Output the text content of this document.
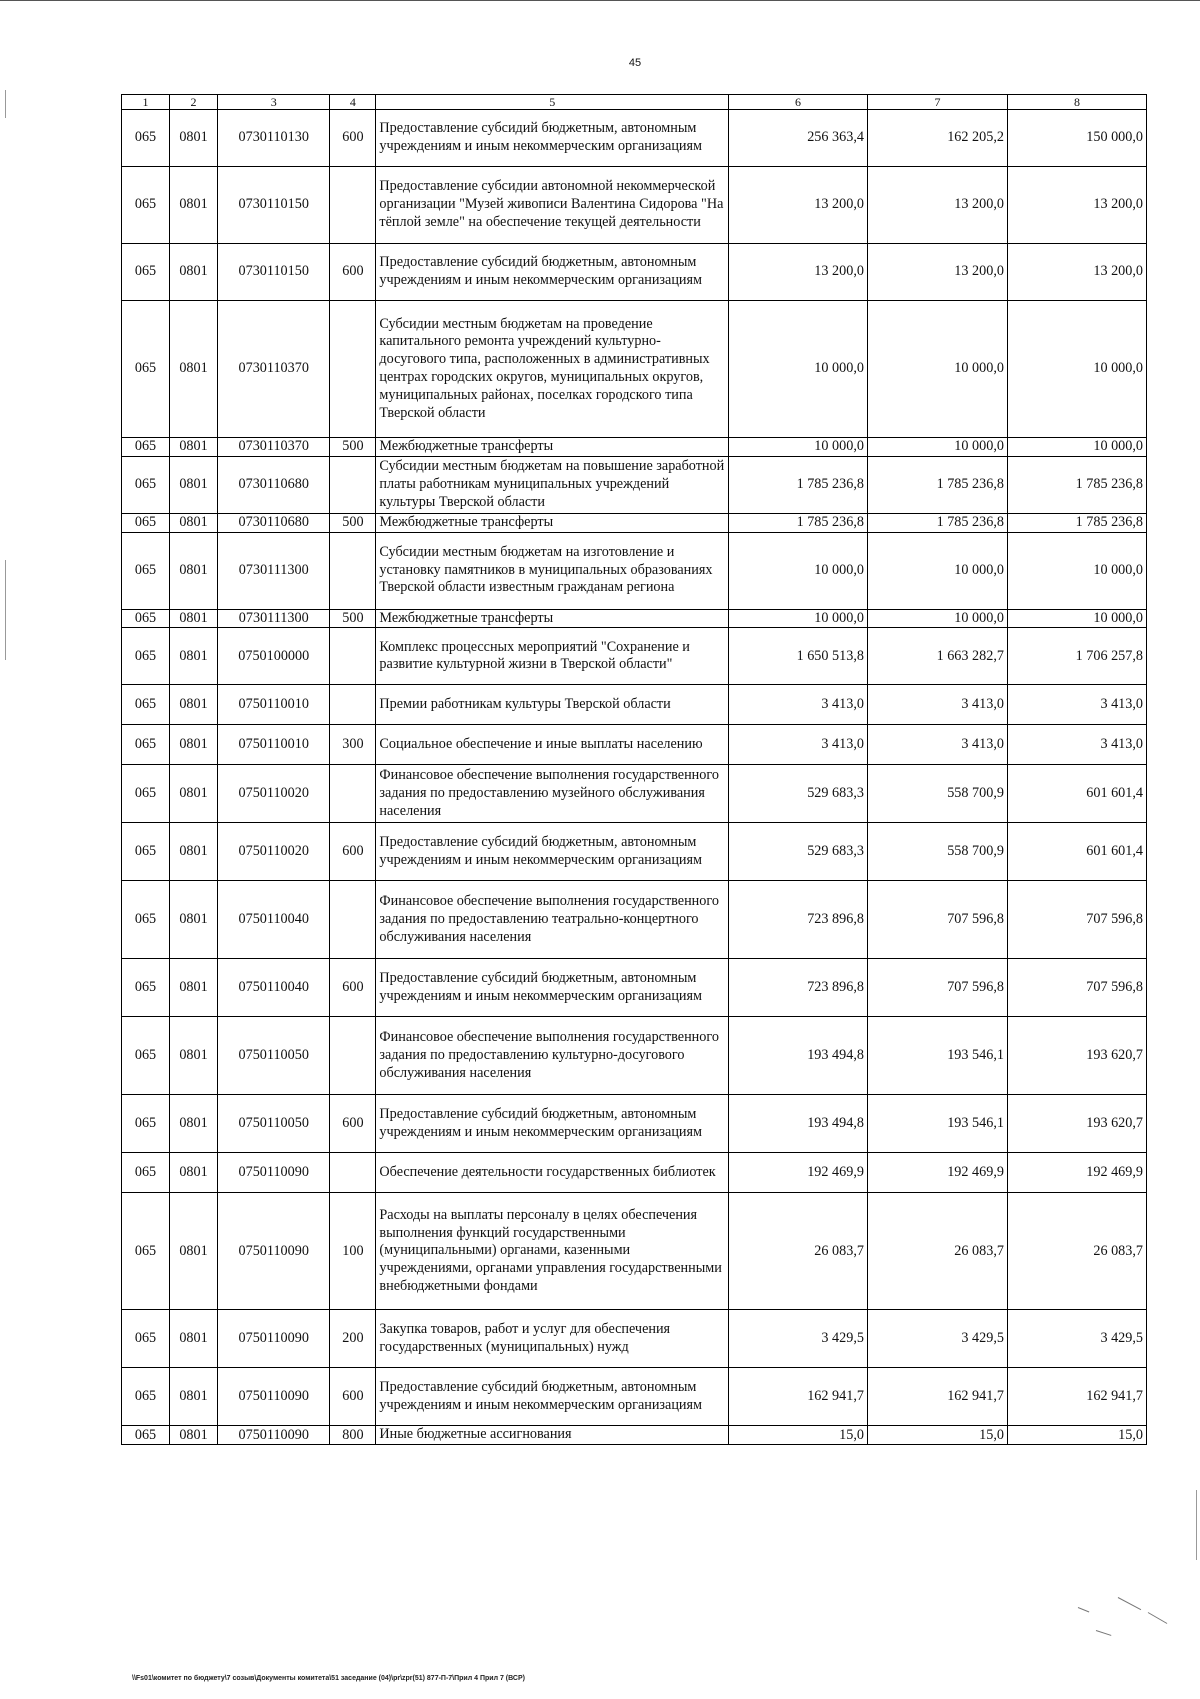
45
1	2	3	4	5	6	7	8
065	0801	0730110130	600	Предоставление субсидий бюджетным, автономным учреждениям и иным некоммерческим организациям	256 363,4	162 205,2	150 000,0
065	0801	0730110150		Предоставление субсидии автономной некоммерческой организации "Музей живописи Валентина Сидорова "На тёплой земле" на обеспечение текущей деятельности	13 200,0	13 200,0	13 200,0
065	0801	0730110150	600	Предоставление субсидий бюджетным, автономным учреждениям и иным некоммерческим организациям	13 200,0	13 200,0	13 200,0
065	0801	0730110370		Субсидии местным бюджетам на проведение капитального ремонта учреждений культурно-досугового типа, расположенных в административных центрах городских округов, муниципальных округов, муниципальных районах, поселках городского типа Тверской области	10 000,0	10 000,0	10 000,0
065	0801	0730110370	500	Межбюджетные трансферты	10 000,0	10 000,0	10 000,0
065	0801	0730110680		Субсидии местным бюджетам на повышение заработной платы работникам муниципальных учреждений культуры Тверской области	1 785 236,8	1 785 236,8	1 785 236,8
065	0801	0730110680	500	Межбюджетные трансферты	1 785 236,8	1 785 236,8	1 785 236,8
065	0801	0730111300		Субсидии местным бюджетам на изготовление и установку памятников в муниципальных образованиях Тверской области известным гражданам региона	10 000,0	10 000,0	10 000,0
065	0801	0730111300	500	Межбюджетные трансферты	10 000,0	10 000,0	10 000,0
065	0801	0750100000		Комплекс процессных мероприятий "Сохранение и развитие культурной жизни в Тверской области"	1 650 513,8	1 663 282,7	1 706 257,8
065	0801	0750110010		Премии работникам культуры Тверской области	3 413,0	3 413,0	3 413,0
065	0801	0750110010	300	Социальное обеспечение и иные выплаты населению	3 413,0	3 413,0	3 413,0
065	0801	0750110020		Финансовое обеспечение выполнения государственного задания по предоставлению музейного обслуживания населения	529 683,3	558 700,9	601 601,4
065	0801	0750110020	600	Предоставление субсидий бюджетным, автономным учреждениям и иным некоммерческим организациям	529 683,3	558 700,9	601 601,4
065	0801	0750110040		Финансовое обеспечение выполнения государственного задания по предоставлению театрально-концертного обслуживания населения	723 896,8	707 596,8	707 596,8
065	0801	0750110040	600	Предоставление субсидий бюджетным, автономным учреждениям и иным некоммерческим организациям	723 896,8	707 596,8	707 596,8
065	0801	0750110050		Финансовое обеспечение выполнения государственного задания по предоставлению культурно-досугового обслуживания населения	193 494,8	193 546,1	193 620,7
065	0801	0750110050	600	Предоставление субсидий бюджетным, автономным учреждениям и иным некоммерческим организациям	193 494,8	193 546,1	193 620,7
065	0801	0750110090		Обеспечение деятельности государственных библиотек	192 469,9	192 469,9	192 469,9
065	0801	0750110090	100	Расходы на выплаты персоналу в целях обеспечения выполнения функций государственными (муниципальными) органами, казенными учреждениями, органами управления государственными внебюджетными фондами	26 083,7	26 083,7	26 083,7
065	0801	0750110090	200	Закупка товаров, работ и услуг для обеспечения государственных (муниципальных) нужд	3 429,5	3 429,5	3 429,5
065	0801	0750110090	600	Предоставление субсидий бюджетным, автономным учреждениям и иным некоммерческим организациям	162 941,7	162 941,7	162 941,7
065	0801	0750110090	800	Иные бюджетные ассигнования	15,0	15,0	15,0
\\Fs01\комитет по бюджету\7 созыв\Документы комитета\51 заседание (04)\pr\zpr(51) 877-П-7\Прил 4 Прил 7 (ВСР)
